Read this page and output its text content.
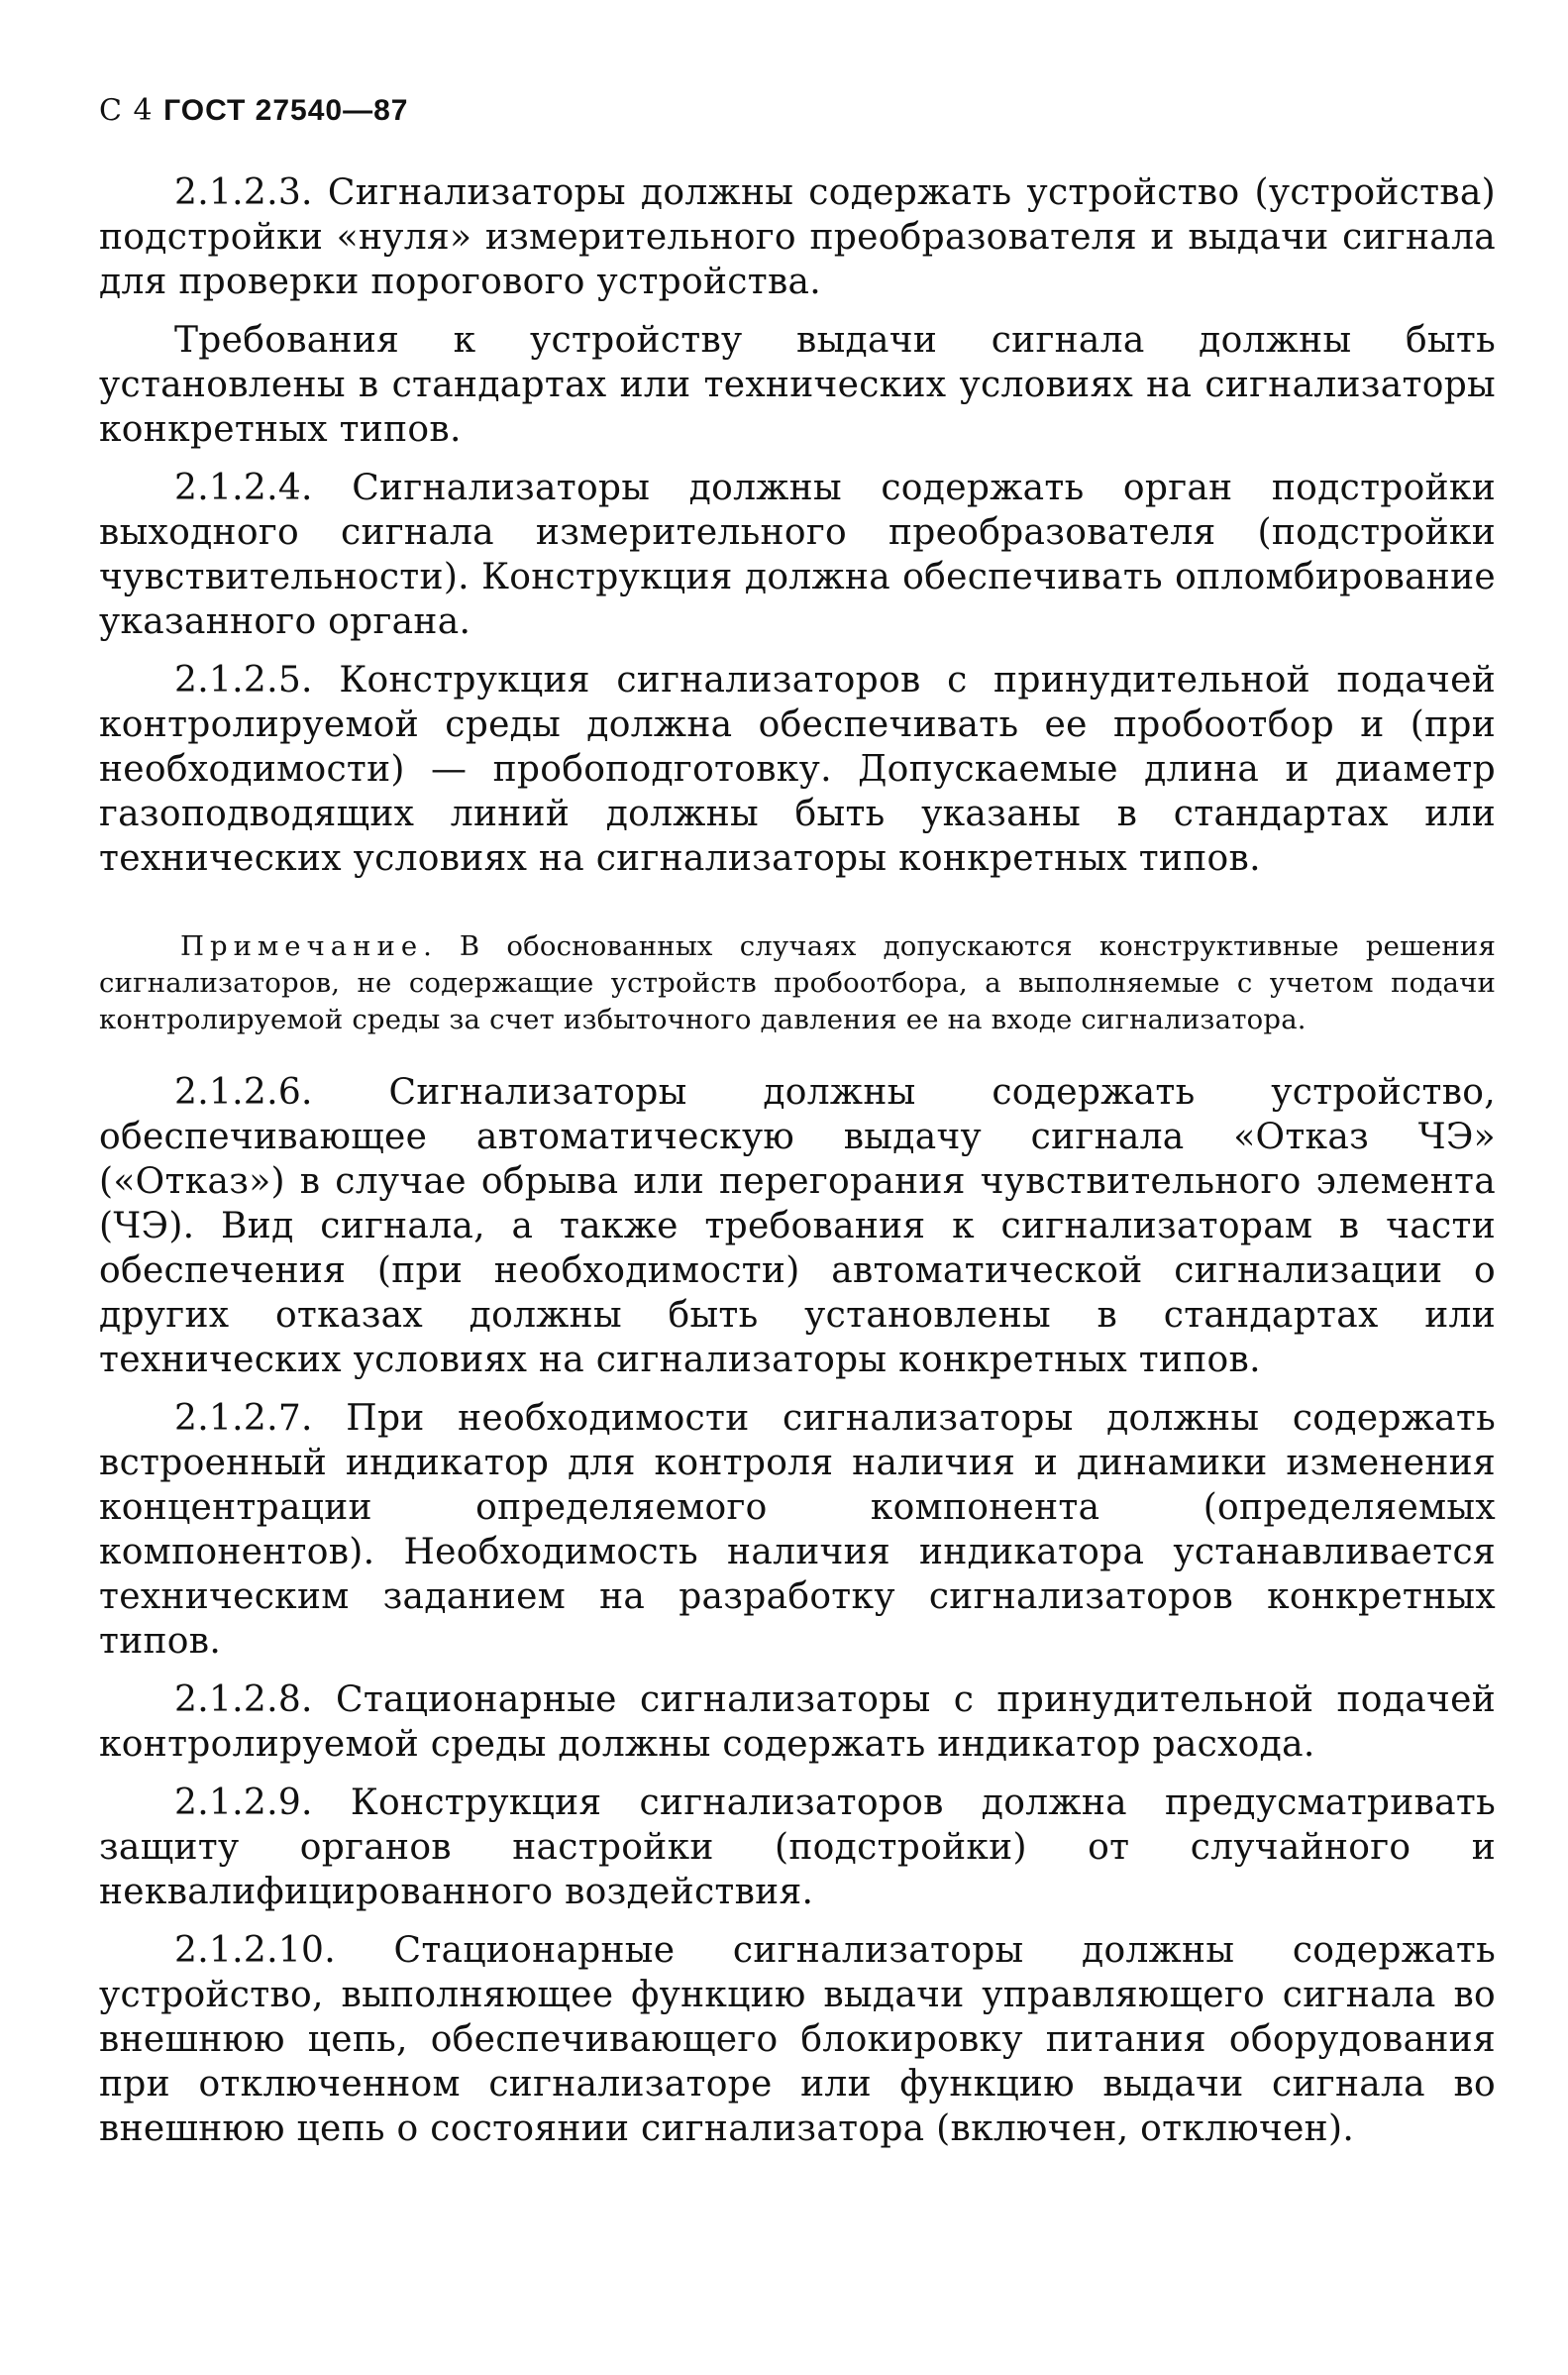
С 4 ГОСТ 27540—87

2.1.2.3. Сигнализаторы должны содержать устройство (устройства) подстройки «нуля» измерительного преобразователя и выдачи сигнала для проверки порогового устройства.

Требования к устройству выдачи сигнала должны быть установлены в стандартах или технических условиях на сигнализаторы конкретных типов.

2.1.2.4. Сигнализаторы должны содержать орган подстройки выходного сигнала измерительного преобразователя (подстройки чувствительности). Конструкция должна обеспечивать опломбирование указанного органа.

2.1.2.5. Конструкция сигнализаторов с принудительной подачей контролируемой среды должна обеспечивать ее пробоотбор и (при необходимости) — пробоподготовку. Допускаемые длина и диаметр газоподводящих линий должны быть указаны в стандартах или технических условиях на сигнализаторы конкретных типов.

Примечание. В обоснованных случаях допускаются конструктивные решения сигнализаторов, не содержащие устройств пробоотбора, а выполняемые с учетом подачи контролируемой среды за счет избыточного давления ее на входе сигнализатора.

2.1.2.6. Сигнализаторы должны содержать устройство, обеспечивающее автоматическую выдачу сигнала «Отказ ЧЭ» («Отказ») в случае обрыва или перегорания чувствительного элемента (ЧЭ). Вид сигнала, а также требования к сигнализаторам в части обеспечения (при необходимости) автоматической сигнализации о других отказах должны быть установлены в стандартах или технических условиях на сигнализаторы конкретных типов.

2.1.2.7. При необходимости сигнализаторы должны содержать встроенный индикатор для контроля наличия и динамики изменения концентрации определяемого компонента (определяемых компонентов). Необходимость наличия индикатора устанавливается техническим заданием на разработку сигнализаторов конкретных типов.

2.1.2.8. Стационарные сигнализаторы с принудительной подачей контролируемой среды должны содержать индикатор расхода.

2.1.2.9. Конструкция сигнализаторов должна предусматривать защиту органов настройки (подстройки) от случайного и неквалифицированного воздействия.

2.1.2.10. Стационарные сигнализаторы должны содержать устройство, выполняющее функцию выдачи управляющего сигнала во внешнюю цепь, обеспечивающего блокировку питания оборудования при отключенном сигнализаторе или функцию выдачи сигнала во внешнюю цепь о состоянии сигнализатора (включен, отключен).
